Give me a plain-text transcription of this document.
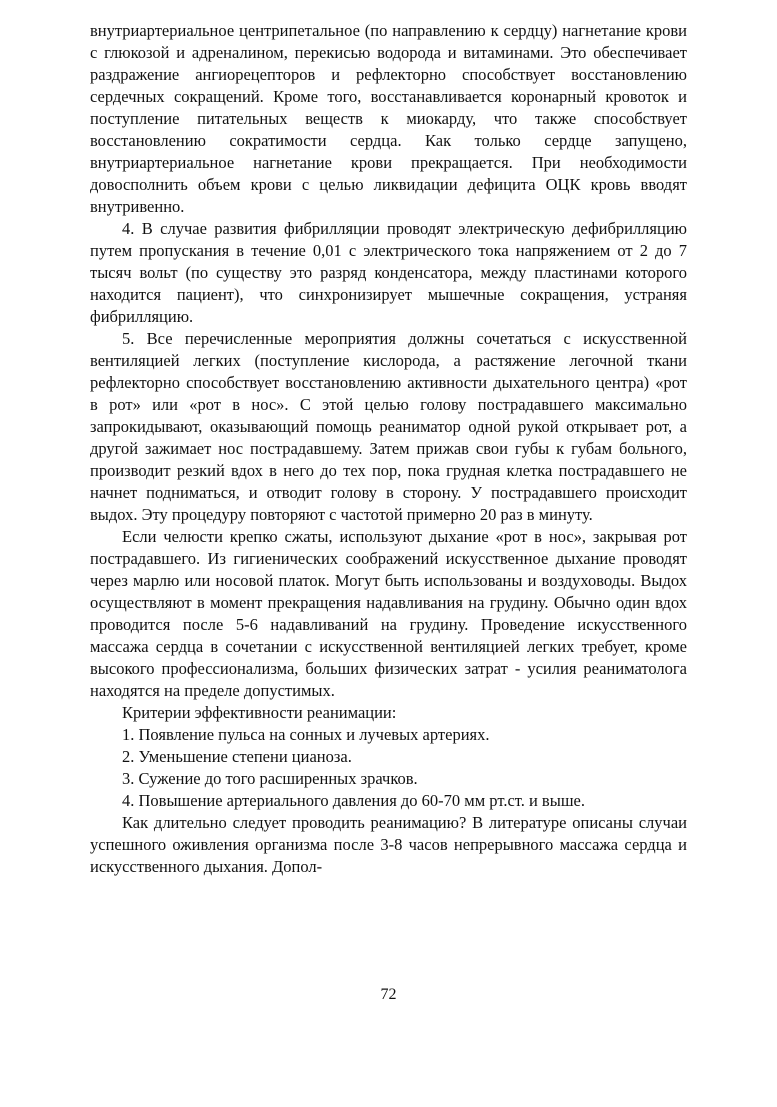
внутриартериальное центрипетальное (по направлению к сердцу) нагнетание крови с глюкозой и адреналином, перекисью водорода и витаминами. Это обеспечивает раздражение ангиорецепторов и рефлекторно способствует восстановлению сердечных сокращений. Кроме того, восстанавливается коронарный кровоток и поступление питательных веществ к миокарду, что также способствует восстановлению сократимости сердца. Как только сердце запущено, внутриартериальное нагнетание крови прекращается. При необходимости довосполнить объем крови с целью ликвидации дефицита ОЦК кровь вводят внутривенно.

4. В случае развития фибрилляции проводят электрическую дефибрилляцию путем пропускания в течение 0,01 с электрического тока напряжением от 2 до 7 тысяч вольт (по существу это разряд конденсатора, между пластинами которого находится пациент), что синхронизирует мышечные сокращения, устраняя фибрилляцию.

5. Все перечисленные мероприятия должны сочетаться с искусственной вентиляцией легких (поступление кислорода, а растяжение легочной ткани рефлекторно способствует восстановлению активности дыхательного центра) «рот в рот» или «рот в нос». С этой целью голову пострадавшего максимально запрокидывают, оказывающий помощь реаниматор одной рукой открывает рот, а другой зажимает нос пострадавшему. Затем прижав свои губы к губам больного, производит резкий вдох в него до тех пор, пока грудная клетка пострадавшего не начнет подниматься, и отводит голову в сторону. У пострадавшего происходит выдох. Эту процедуру повторяют с частотой примерно 20 раз в минуту.

Если челюсти крепко сжаты, используют дыхание «рот в нос», закрывая рот пострадавшего. Из гигиенических соображений искусственное дыхание проводят через марлю или носовой платок. Могут быть использованы и воздуховоды. Выдох осуществляют в момент прекращения надавливания на грудину. Обычно один вдох проводится после 5-6 надавливаний на грудину. Проведение искусственного массажа сердца в сочетании с искусственной вентиляцией легких требует, кроме высокого профессионализма, больших физических затрат - усилия реаниматолога находятся на пределе допустимых.

Критерии эффективности реанимации:

1. Появление пульса на сонных и лучевых артериях.

2. Уменьшение степени цианоза.

3. Сужение до того расширенных зрачков.

4. Повышение артериального давления до 60-70 мм рт.ст. и выше.

Как длительно следует проводить реанимацию? В литературе описаны случаи успешного оживления организма после 3-8 часов непрерывного массажа сердца и искусственного дыхания. Допол-

72
